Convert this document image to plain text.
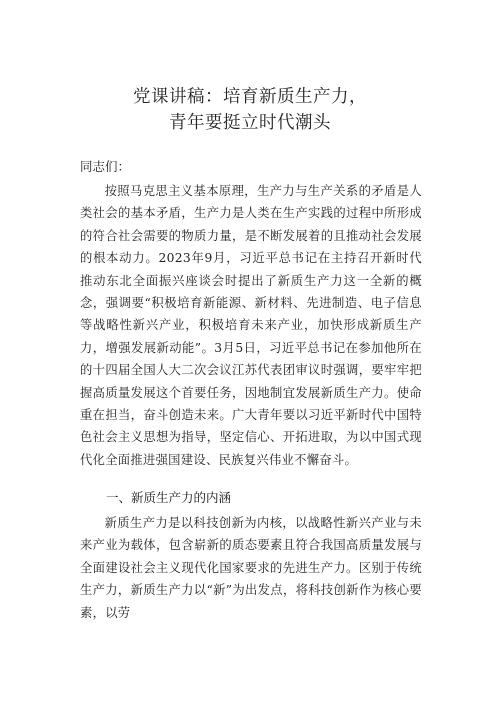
党课讲稿：培育新质生产力，
青年要挺立时代潮头
同志们：

按照马克思主义基本原理，生产力与生产关系的矛盾是人类社会的基本矛盾，生产力是人类在生产实践的过程中所形成的符合社会需要的物质力量，是不断发展着的且推动社会发展的根本动力。2023年9月，习近平总书记在主持召开新时代推动东北全面振兴座谈会时提出了新质生产力这一全新的概念，强调要“积极培育新能源、新材料、先进制造、电子信息等战略性新兴产业，积极培育未来产业，加快形成新质生产力，增强发展新动能”。3月5日，习近平总书记在参加他所在的十四届全国人大二次会议江苏代表团审议时强调，要牢牢把握高质量发展这个首要任务，因地制宜发展新质生产力。使命重在担当，奋斗创造未来。广大青年要以习近平新时代中国特色社会主义思想为指导，坚定信心、开拓进取，为以中国式现代化全面推进强国建设、民族复兴伟业不懈奋斗。

一、新质生产力的内涵

新质生产力是以科技创新为内核，以战略性新兴产业与未来产业为载体，包含崭新的质态要素且符合我国高质量发展与全面建设社会主义现代化国家要求的先进生产力。区别于传统生产力，新质生产力以“新”为出发点，将科技创新作为核心要素，以劳
